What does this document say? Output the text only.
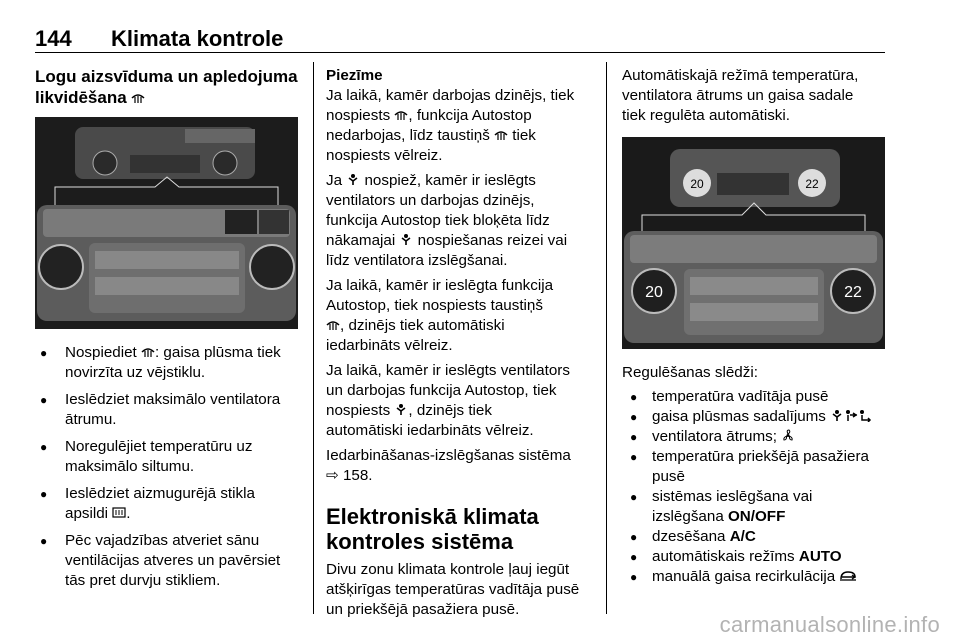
144 Klimata kontrole
Logu aizsvīduma un apledojuma
likvidēšana

● Nospiediet : gaisa plūsma tiek
novirzīta uz vējstiklu.

● Ieslēdziet maksimālo ventilatora
ātrumu.

● Noregulējiet temperatūru uz
maksimālo siltumu.

● Ieslēdziet aizmugurējā stikla
apsildi .

● Pēc vajadzības atveriet sānu
ventilācijas atveres un pavērsiet
tās pret durvju stikliem.

Piezīme

Ja laikā, kamēr darbojas dzinējs, tiek
nospiests , funkcija Autostop
nedarbojas, līdz taustiņš  tiek
nospiests vēlreiz.

Ja  nospiež, kamēr ir ieslēgts
ventilators un darbojas dzinējs,
funkcija Autostop tiek bloķēta līdz
nākamajai  nospiešanas reizei vai
līdz ventilatora izslēgšanai.

Ja laikā, kamēr ir ieslēgta funkcija
Autostop, tiek nospiests taustiņš
, dzinējs tiek automātiski
iedarbināts vēlreiz.

Ja laikā, kamēr ir ieslēgts ventilators
un darbojas funkcija Autostop, tiek
nospiests , dzinējs tiek
automātiski iedarbināts vēlreiz.

Iedarbināšanas-izslēgšanas sistēma
⇨ 158.

Elektroniskā klimata
kontroles sistēma

Divu zonu klimata kontrole ļauj iegūt
atšķirīgas temperatūras vadītāja pusē
un priekšējā pasažiera pusē.

Automātiskajā režīmā temperatūra,
ventilatora ātrums un gaisa sadale
tiek regulēta automātiski.

20	22
20	22

Regulēšanas slēdži:

● temperatūra vadītāja pusē

● gaisa plūsmas sadalījums

● ventilatora ātrums;

● temperatūra priekšējā pasažiera
pusē

● sistēmas ieslēgšana vai
izslēgšana ON/OFF

● dzesēšana A/C

● automātiskais režīms AUTO

● manuālā gaisa recirkulācija

carmanualsonline.info
